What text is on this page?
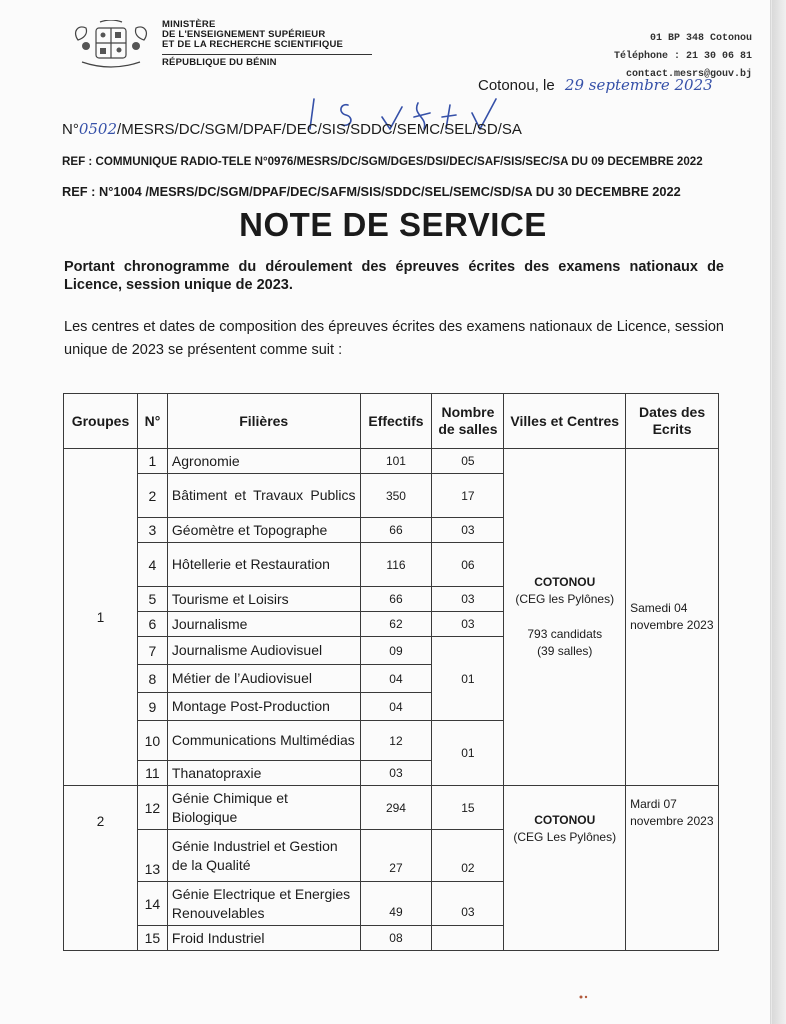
MINISTÈRE
DE L'ENSEIGNEMENT SUPÉRIEUR
ET DE LA RECHERCHE SCIENTIFIQUE
RÉPUBLIQUE DU BÉNIN
01 BP 348 Cotonou
Téléphone : 21 30 06 81
contact.mesrs@gouv.bj
Cotonou, le 29 septembre 2023
N°0502/MESRS/DC/SGM/DPAF/DEC/SIS/SDDC/SEMC/SEL/SD/SA
REF : COMMUNIQUE RADIO-TELE N°0976/MESRS/DC/SGM/DGES/DSI/DEC/SAF/SIS/SEC/SA DU 09 DECEMBRE 2022
REF : N°1004 /MESRS/DC/SGM/DPAF/DEC/SAFM/SIS/SDDC/SEL/SEMC/SD/SA DU 30 DECEMBRE 2022
NOTE DE SERVICE
Portant chronogramme du déroulement des épreuves écrites des examens nationaux de Licence, session unique de 2023.
Les centres et dates de composition des épreuves écrites des examens nationaux de Licence, session unique de 2023 se présentent comme suit :
Groupes	N°	Filières	Effectifs	Nombre de salles	Villes et Centres	Dates des Ecrits
1	1	Agronomie	101	05	COTONOU
(CEG les Pylônes)
793 candidats
(39 salles)	Samedi 04 novembre 2023
	2	Bâtiment et Travaux Publics	350	17		
	3	Géomètre et Topographe	66	03		
	4	Hôtellerie et Restauration	116	06		
	5	Tourisme et Loisirs	66	03		
	6	Journalisme	62	03		
	7	Journalisme Audiovisuel	09	01		
	8	Métier de l’Audiovisuel	04			
	9	Montage Post-Production	04			
	10	Communications Multimédias	12	01		
	11	Thanatopraxie	03			
2	12	Génie Chimique et Biologique	294	15	COTONOU
(CEG Les Pylônes)	Mardi 07 novembre 2023
	13	Génie Industriel et Gestion de la Qualité	27	02		
	14	Génie Electrique et Energies Renouvelables	49	03		
	15	Froid Industriel	08			
